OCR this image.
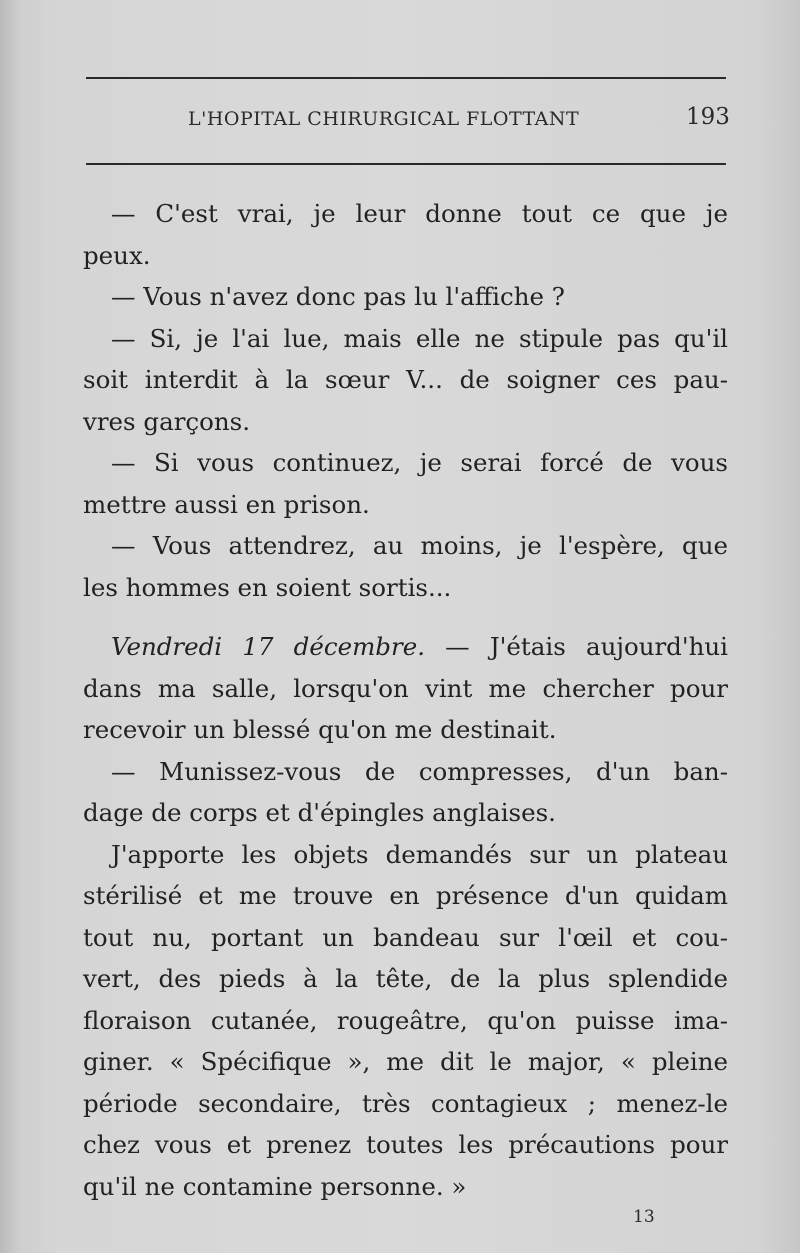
L'HOPITAL CHIRURGICAL FLOTTANT	193
— C'est vrai, je leur donne tout ce que je
peux.
— Vous n'avez donc pas lu l'affiche ?
— Si, je l'ai lue, mais elle ne stipule pas qu'il
soit interdit à la sœur V... de soigner ces pau-
vres garçons.
— Si vous continuez, je serai forcé de vous
mettre aussi en prison.
— Vous attendrez, au moins, je l'espère, que
les hommes en soient sortis...
Vendredi 17 décembre. — J'étais aujourd'hui
dans ma salle, lorsqu'on vint me chercher pour
recevoir un blessé qu'on me destinait.
— Munissez-vous de compresses, d'un ban-
dage de corps et d'épingles anglaises.
J'apporte les objets demandés sur un plateau
stérilisé et me trouve en présence d'un quidam
tout nu, portant un bandeau sur l'œil et cou-
vert, des pieds à la tête, de la plus splendide
floraison cutanée, rougeâtre, qu'on puisse ima-
giner. « Spécifique », me dit le major, « pleine
période secondaire, très contagieux ; menez-le
chez vous et prenez toutes les précautions pour
qu'il ne contamine personne. »
13
